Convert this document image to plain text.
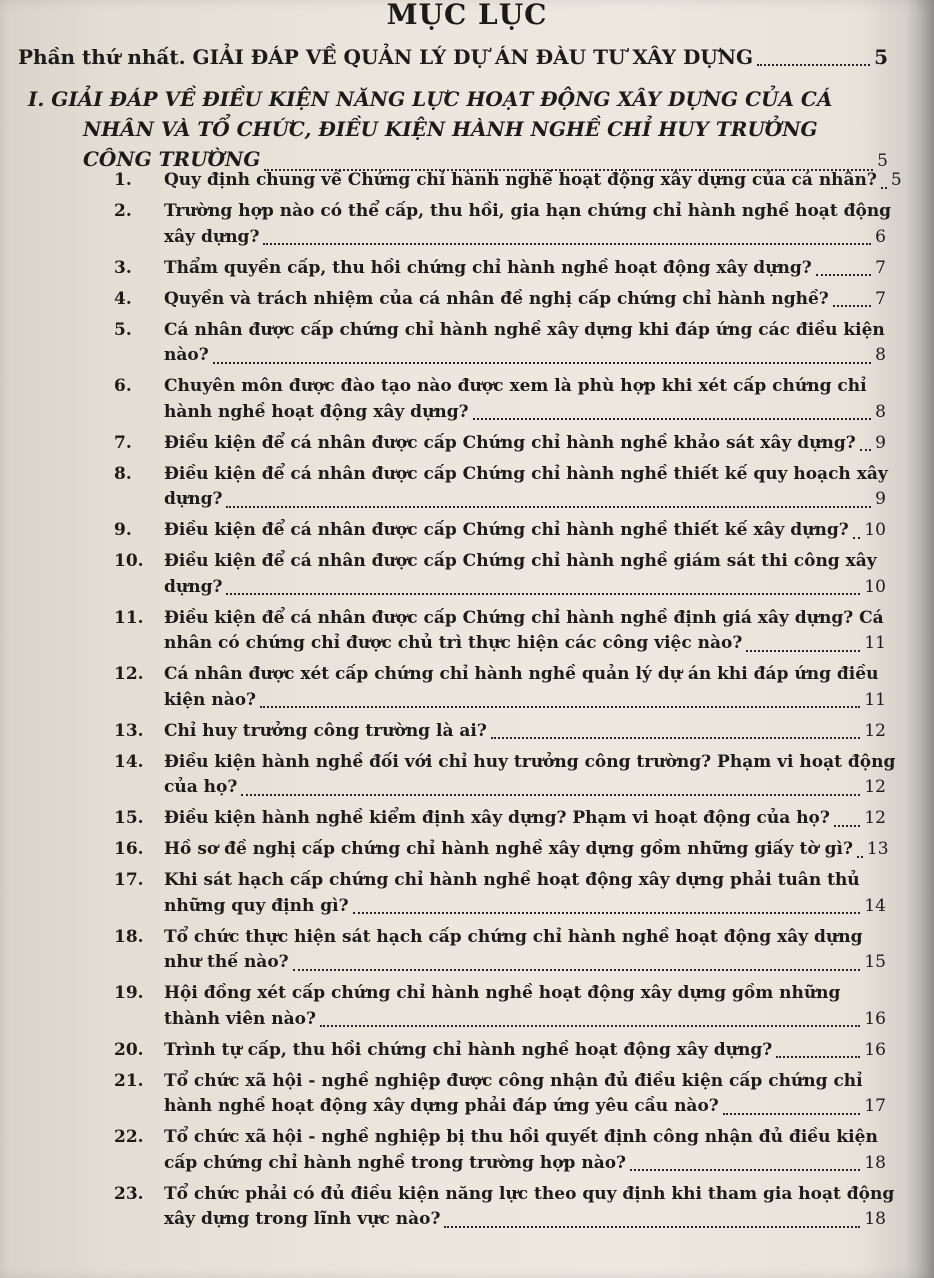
MỤC LỤC
Phần thứ nhất. GIẢI ĐÁP VỀ QUẢN LÝ DỰ ÁN ĐÀU TƯ XÂY DỰNG	5
I. GIẢI ĐÁP VỀ ĐIỀU KIỆN NĂNG LỰC HOẠT ĐỘNG XÂY DỰNG CỦA CÁ
NHÂN VÀ TỔ CHỨC, ĐIỀU KIỆN HÀNH NGHỀ CHỈ HUY TRƯỞNG
CÔNG TRƯỜNG	5
1. Quy định chung về Chứng chỉ hành nghề hoạt động xây dựng của cá nhân? 5
2. Trường hợp nào có thể cấp, thu hồi, gia hạn chứng chỉ hành nghề hoạt động
xây dựng?	6
3. Thẩm quyền cấp, thu hồi chứng chỉ hành nghề hoạt động xây dựng?	7
4. Quyền và trách nhiệm của cá nhân đề nghị cấp chứng chỉ hành nghề?	7
5. Cá nhân được cấp chứng chỉ hành nghề xây dựng khi đáp ứng các điều kiện
nào?	8
6. Chuyên môn được đào tạo nào được xem là phù hợp khi xét cấp chứng chỉ
hành nghề hoạt động xây dựng?	8
7. Điều kiện để cá nhân được cấp Chứng chỉ hành nghề khảo sát xây dựng? 9
8. Điều kiện để cá nhân được cấp Chứng chỉ hành nghề thiết kế quy hoạch xây
dựng?	9
9. Điều kiện để cá nhân được cấp Chứng chỉ hành nghề thiết kế xây dựng? 10
10. Điều kiện để cá nhân được cấp Chứng chỉ hành nghề giám sát thi công xây
dựng?	10
11. Điều kiện để cá nhân được cấp Chứng chỉ hành nghề định giá xây dựng? Cá
nhân có chứng chỉ được chủ trì thực hiện các công việc nào?	11
12. Cá nhân được xét cấp chứng chỉ hành nghề quản lý dự án khi đáp ứng điều
kiện nào?	11
13. Chỉ huy trưởng công trường là ai?	12
14. Điều kiện hành nghề đối với chỉ huy trưởng công trường? Phạm vi hoạt động
của họ?	12
15. Điều kiện hành nghề kiểm định xây dựng? Phạm vi hoạt động của họ? 12
16. Hồ sơ đề nghị cấp chứng chỉ hành nghề xây dựng gồm những giấy tờ gì? 13
17. Khi sát hạch cấp chứng chỉ hành nghề hoạt động xây dựng phải tuân thủ
những quy định gì?	14
18. Tổ chức thực hiện sát hạch cấp chứng chỉ hành nghề hoạt động xây dựng
như thế nào?	15
19. Hội đồng xét cấp chứng chỉ hành nghề hoạt động xây dựng gồm những
thành viên nào?	16
20. Trình tự cấp, thu hồi chứng chỉ hành nghề hoạt động xây dựng?	16
21. Tổ chức xã hội - nghề nghiệp được công nhận đủ điều kiện cấp chứng chỉ
hành nghề hoạt động xây dựng phải đáp ứng yêu cầu nào?	17
22. Tổ chức xã hội - nghề nghiệp bị thu hồi quyết định công nhận đủ điều kiện
cấp chứng chỉ hành nghề trong trường hợp nào?	18
23. Tổ chức phải có đủ điều kiện năng lực theo quy định khi tham gia hoạt động
xây dựng trong lĩnh vực nào?	18
